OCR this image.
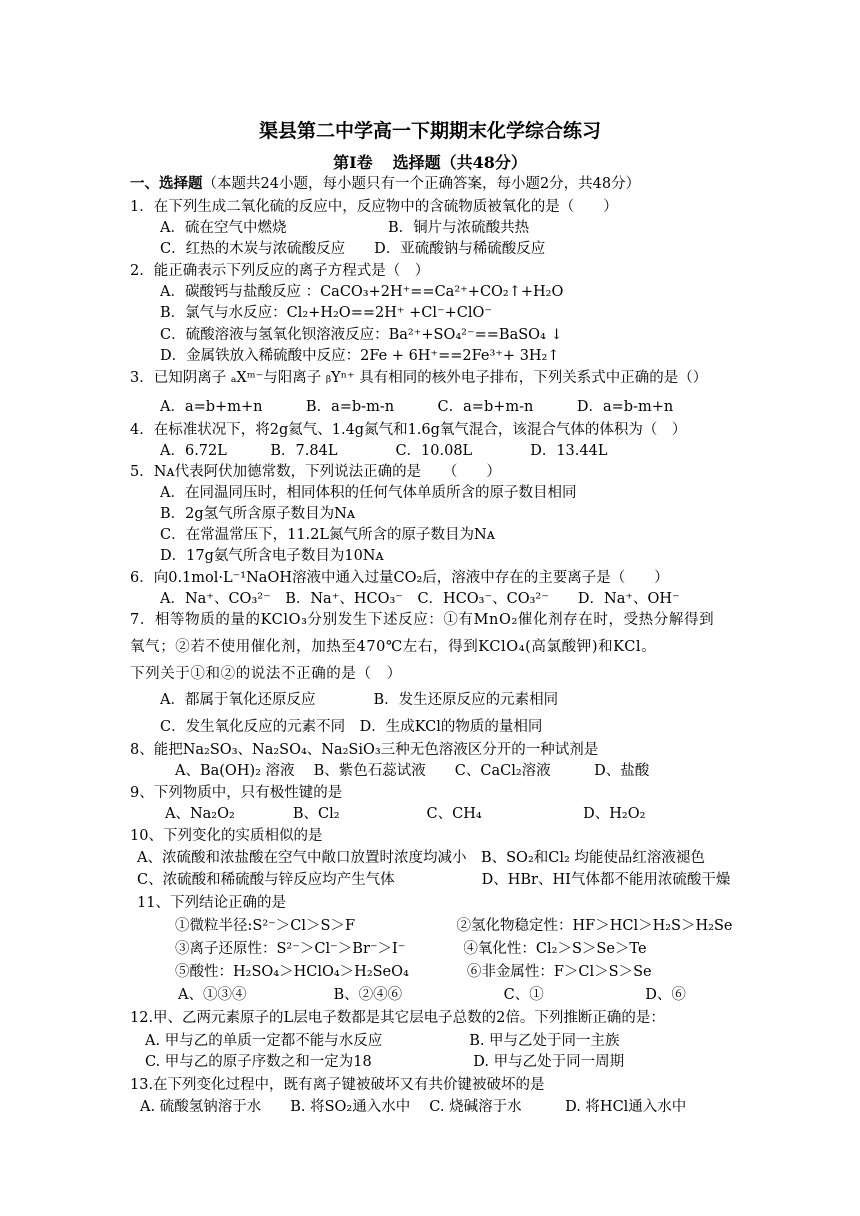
渠县第二中学高一下期期末化学综合练习
第Ⅰ卷 选择题（共48分）
一、选择题（本题共24小题，每小题只有一个正确答案，每小题2分，共48分）
1．在下列生成二氧化硫的反应中，反应物中的含硫物质被氧化的是（　　）
A．硫在空气中燃烧　　　　　　　B．铜片与浓硫酸共热
C．红热的木炭与浓硫酸反应　　D．亚硫酸钠与稀硫酸反应
2．能正确表示下列反应的离子方程式是（　）
A．碳酸钙与盐酸反应 ：CaCO₃+2H⁺==Ca²⁺+CO₂↑+H₂O
B．氯气与水反应：Cl₂+H₂O==2H⁺ +Cl⁻+ClO⁻
C．硫酸溶液与氢氧化钡溶液反应：Ba²⁺+SO₄²⁻==BaSO₄ ↓
D．金属铁放入稀硫酸中反应：2Fe + 6H⁺==2Fe³⁺+ 3H₂↑
3．已知阴离子 ₐXᵐ⁻与阳离子 ᵦYⁿ⁺ 具有相同的核外电子排布，下列关系式中正确的是（）
A．a=b+m+n　　　B．a=b-m-n　　　C．a=b+m-n　　　D．a=b-m+n
4．在标准状况下，将2g氦气、1.4g氮气和1.6g氧气混合，该混合气体的体积为（　）
A．6.72L　　　B．7.84L　　　　C．10.08L　　　　D．13.44L
5．Nᴀ代表阿伏加德常数，下列说法正确的是　　（　　）
A．在同温同压时，相同体积的任何气体单质所含的原子数目相同
B．2g氢气所含原子数目为Nᴀ
C．在常温常压下，11.2L氮气所含的原子数目为Nᴀ
D．17g氨气所含电子数目为10Nᴀ
6．向0.1mol·L⁻¹NaOH溶液中通入过量CO₂后，溶液中存在的主要离子是（　　）
A．Na⁺、CO₃²⁻　B．Na⁺、HCO₃⁻　C．HCO₃⁻、CO₃²⁻　　D．Na⁺、OH⁻
7．相等物质的量的KClO₃分别发生下述反应：①有MnO₂催化剂存在时，受热分解得到
氧气；②若不使用催化剂，加热至470℃左右，得到KClO₄(高氯酸钾)和KCl。
下列关于①和②的说法不正确的是（　）
A．都属于氧化还原反应　　　　B．发生还原反应的元素相同
C．发生氧化反应的元素不同　D．生成KCl的物质的量相同
8、能把Na₂SO₃、Na₂SO₄、Na₂SiO₃三种无色溶液区分开的一种试剂是
A、Ba(OH)₂ 溶液　 B、紫色石蕊试液　　C、CaCl₂溶液　　　D、盐酸
9、下列物质中，只有极性键的是
A、Na₂O₂　　　　B、Cl₂　　　　　　C、CH₄　　　　　　　D、H₂O₂
10、下列变化的实质相似的是
A、浓硫酸和浓盐酸在空气中敞口放置时浓度均减小　B、SO₂和Cl₂ 均能使品红溶液褪色
C、浓硫酸和稀硫酸与锌反应均产生气体　　　　　　D、HBr、HI气体都不能用浓硫酸干燥
11、下列结论正确的是
①微粒半径:S²⁻＞Cl＞S＞F　　　　　　　②氢化物稳定性：HF＞HCl＞H₂S＞H₂Se
③离子还原性：S²⁻＞Cl⁻＞Br⁻＞I⁻　　　　④氧化性：Cl₂＞S＞Se＞Te
⑤酸性：H₂SO₄＞HClO₄＞H₂SeO₄　　　　⑥非金属性：F＞Cl＞S＞Se
A、①③④　　　　　　B、②④⑥　　　　　　　C、①　　　　　　　D、⑥
12.甲、乙两元素原子的L层电子数都是其它层电子总数的2倍。下列推断正确的是：
A. 甲与乙的单质一定都不能与水反应　　　　　　B. 甲与乙处于同一主族
C. 甲与乙的原子序数之和一定为18　　　　　　　D. 甲与乙处于同一周期
13.在下列变化过程中，既有离子键被破坏又有共价键被破坏的是
A. 硫酸氢钠溶于水　　B. 将SO₂通入水中　 C. 烧碱溶于水　　　D. 将HCl通入水中
